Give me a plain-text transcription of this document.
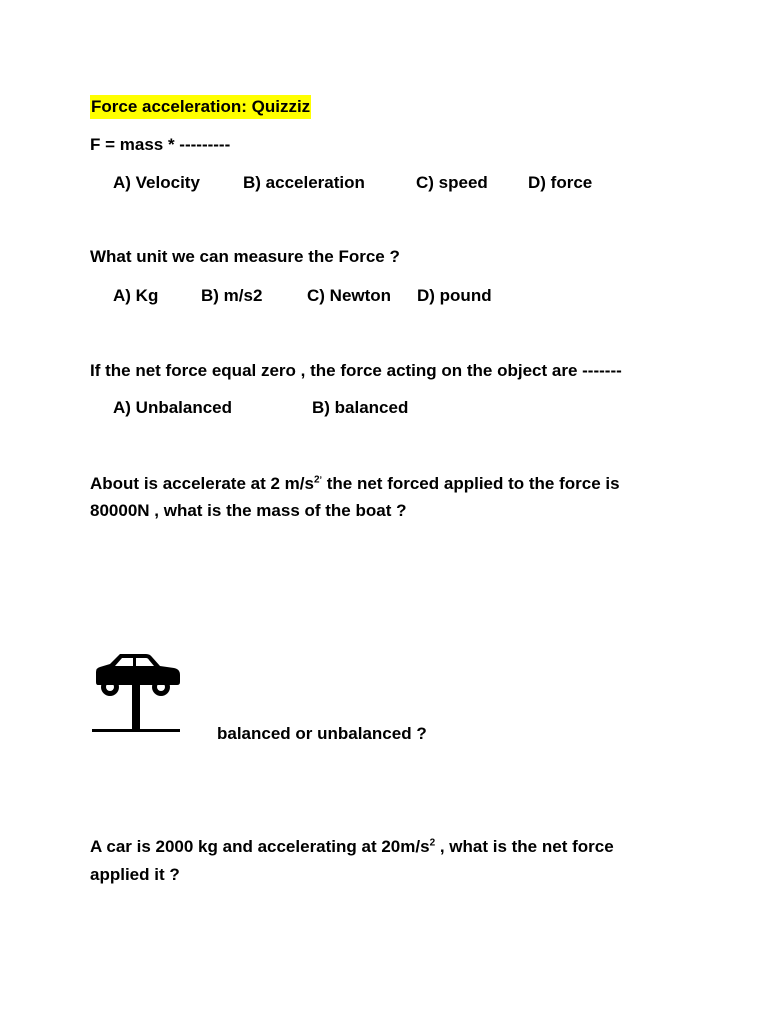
Force acceleration: Quizziz
F = mass * ---------
A) Velocity	B) acceleration	C) speed D) force
What unit we can measure the Force ?
A) Kg	B) m/s2	C) Newton D) pound
If the net force equal zero , the force acting on the object are -------
A) Unbalanced	B) balanced
About is accelerate at 2 $m/s^{2ʼ}$ the net forced applied to the force is
80000N , what is the mass of the boat ?
balanced or unbalanced ?
A car is 2000 kg and accelerating at $20m/s^2$ , what is the net force
applied it ?
